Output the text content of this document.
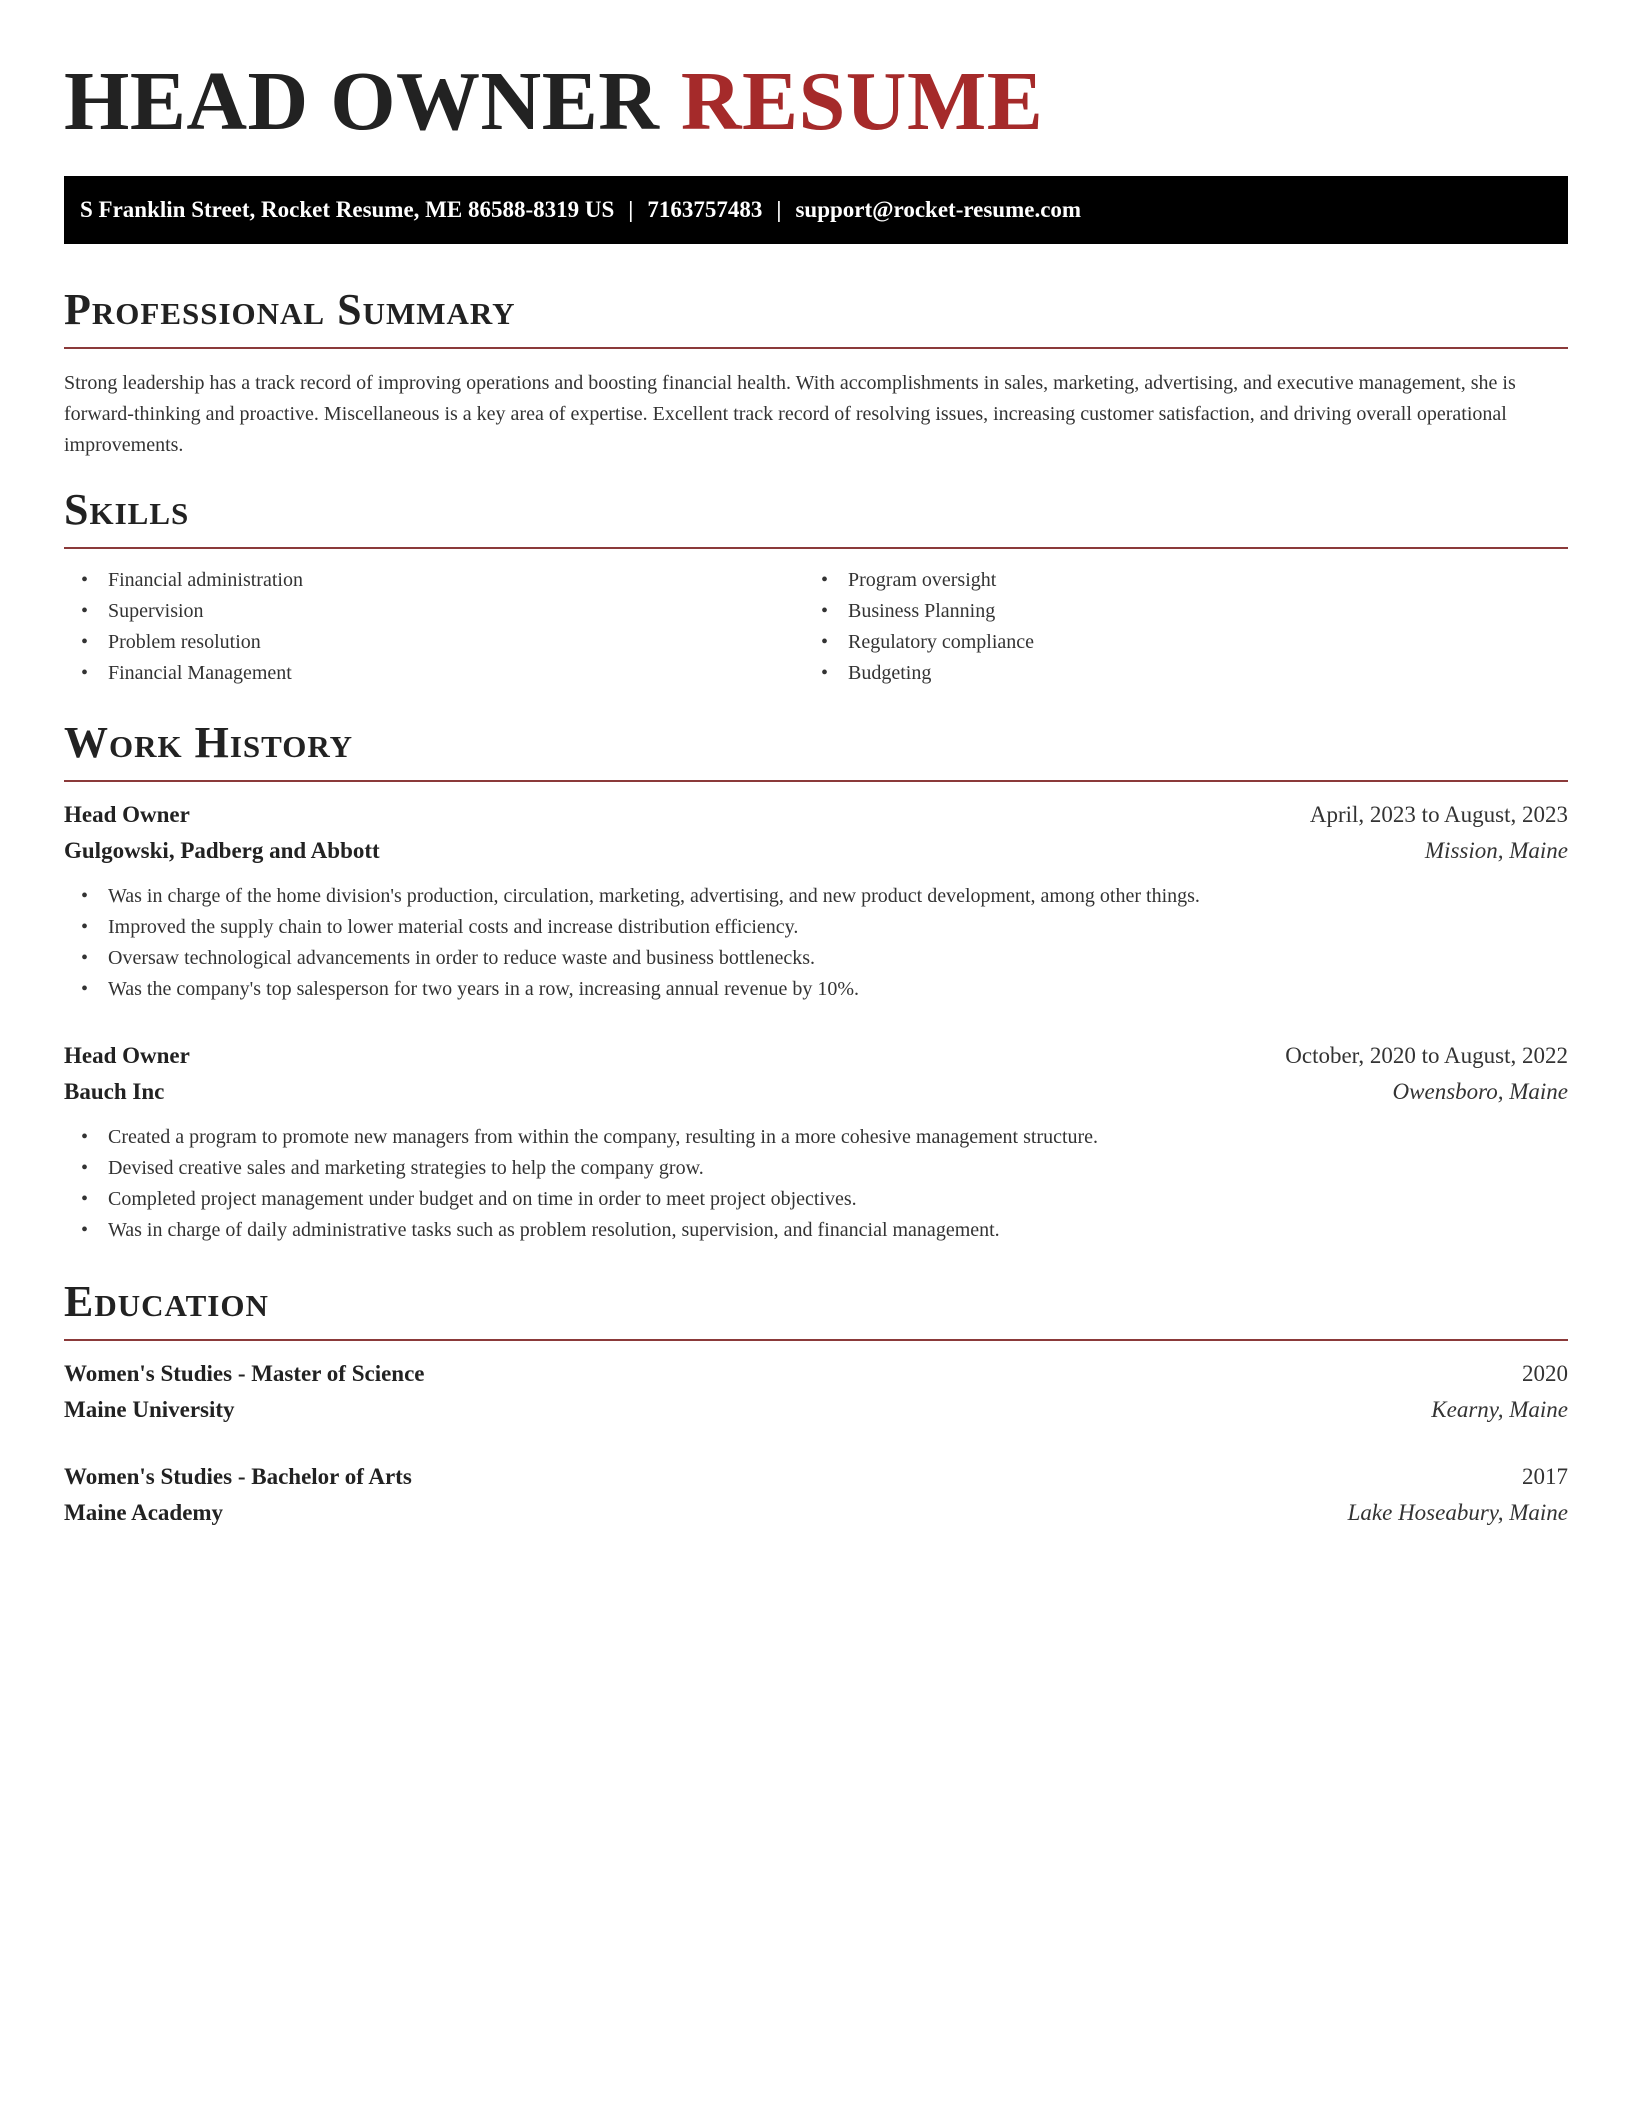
HEAD OWNER RESUME
S Franklin Street, Rocket Resume, ME 86588-8319 US | 7163757483 | support@rocket-resume.com
Professional Summary

Strong leadership has a track record of improving operations and boosting financial health. With accomplishments in sales, marketing, advertising, and executive management, she is forward-thinking and proactive. Miscellaneous is a key area of expertise. Excellent track record of resolving issues, increasing customer satisfaction, and driving overall operational improvements.

Skills
• Financial administration
• Supervision
• Problem resolution
• Financial Management
• Program oversight
• Business Planning
• Regulatory compliance
• Budgeting
Work History
Head Owner	April, 2023 to August, 2023
Gulgowski, Padberg and Abbott	Mission, Maine
• Was in charge of the home division's production, circulation, marketing, advertising, and new product development, among other things.
• Improved the supply chain to lower material costs and increase distribution efficiency.
• Oversaw technological advancements in order to reduce waste and business bottlenecks.
• Was the company's top salesperson for two years in a row, increasing annual revenue by 10%.
Head Owner	October, 2020 to August, 2022
Bauch Inc	Owensboro, Maine
• Created a program to promote new managers from within the company, resulting in a more cohesive management structure.
• Devised creative sales and marketing strategies to help the company grow.
• Completed project management under budget and on time in order to meet project objectives.
• Was in charge of daily administrative tasks such as problem resolution, supervision, and financial management.
Education
Women's Studies - Master of Science	2020
Maine University	Kearny, Maine
Women's Studies - Bachelor of Arts	2017
Maine Academy	Lake Hoseabury, Maine
